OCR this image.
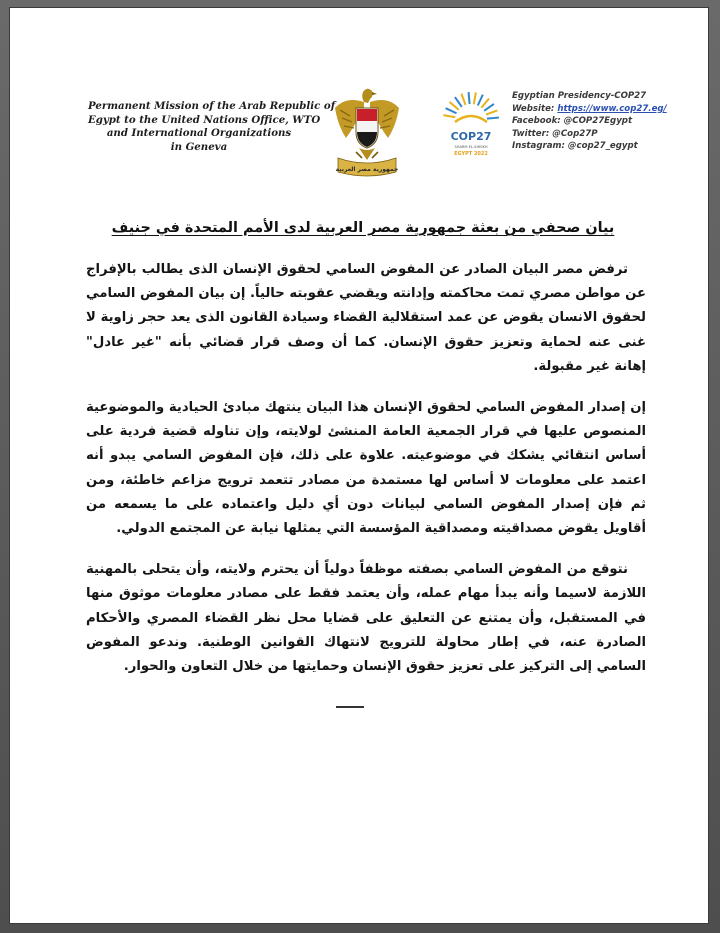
Permanent Mission of the Arab Republic of
Egypt to the United Nations Office, WTO
and International Organizations
in Geneva
جمهورية مصر العربية
COP27
SHARM EL-SHEIKH
EGYPT 2022
Egyptian Presidency-COP27
Website: https://www.cop27.eg/
Facebook: @COP27Egypt
Twitter: @Cop27P
Instagram: @cop27_egypt
بيان صحفي من بعثة جمهورية مصر العربية لدى الأمم المتحدة في جنيف

ترفض مصر البيان الصادر عن المفوض السامي لحقوق الإنسان الذى يطالب بالإفراج عن مواطن مصري تمت محاكمته وإدانته ويقضي عقوبته حالياً. إن بيان المفوض السامي لحقوق الانسان يقوض عن عمد استقلالية القضاء وسيادة القانون الذى يعد حجر زاوية لا غنى عنه لحماية وتعزيز حقوق الإنسان. كما أن وصف قرار قضائي بأنه "غير عادل" إهانة غير مقبولة.

إن إصدار المفوض السامي لحقوق الإنسان هذا البيان ينتهك مبادئ الحيادية والموضوعية المنصوص عليها في قرار الجمعية العامة المنشئ لولايته، وإن تناوله قضية فردية على أساس انتقائي يشكك في موضوعيته. علاوة على ذلك، فإن المفوض السامي يبدو أنه اعتمد على معلومات لا أساس لها مستمدة من مصادر تتعمد ترويج مزاعم خاطئة، ومن ثم فإن إصدار المفوض السامي لبيانات دون أي دليل واعتماده على ما يسمعه من أقاويل يقوض مصداقيته ومصداقية المؤسسة التي يمثلها نيابة عن المجتمع الدولي.

نتوقع من المفوض السامي بصفته موظفاً دولياً أن يحترم ولايته، وأن يتحلى بالمهنية اللازمة لاسيما وأنه يبدأ مهام عمله، وأن يعتمد فقط على مصادر معلومات موثوق منها في المستقبل، وأن يمتنع عن التعليق على قضايا محل نظر القضاء المصري والأحكام الصادرة عنه، في إطار محاولة للترويج لانتهاك القوانين الوطنية. وندعو المفوض السامي إلى التركيز على تعزيز حقوق الإنسان وحمايتها من خلال التعاون والحوار.
